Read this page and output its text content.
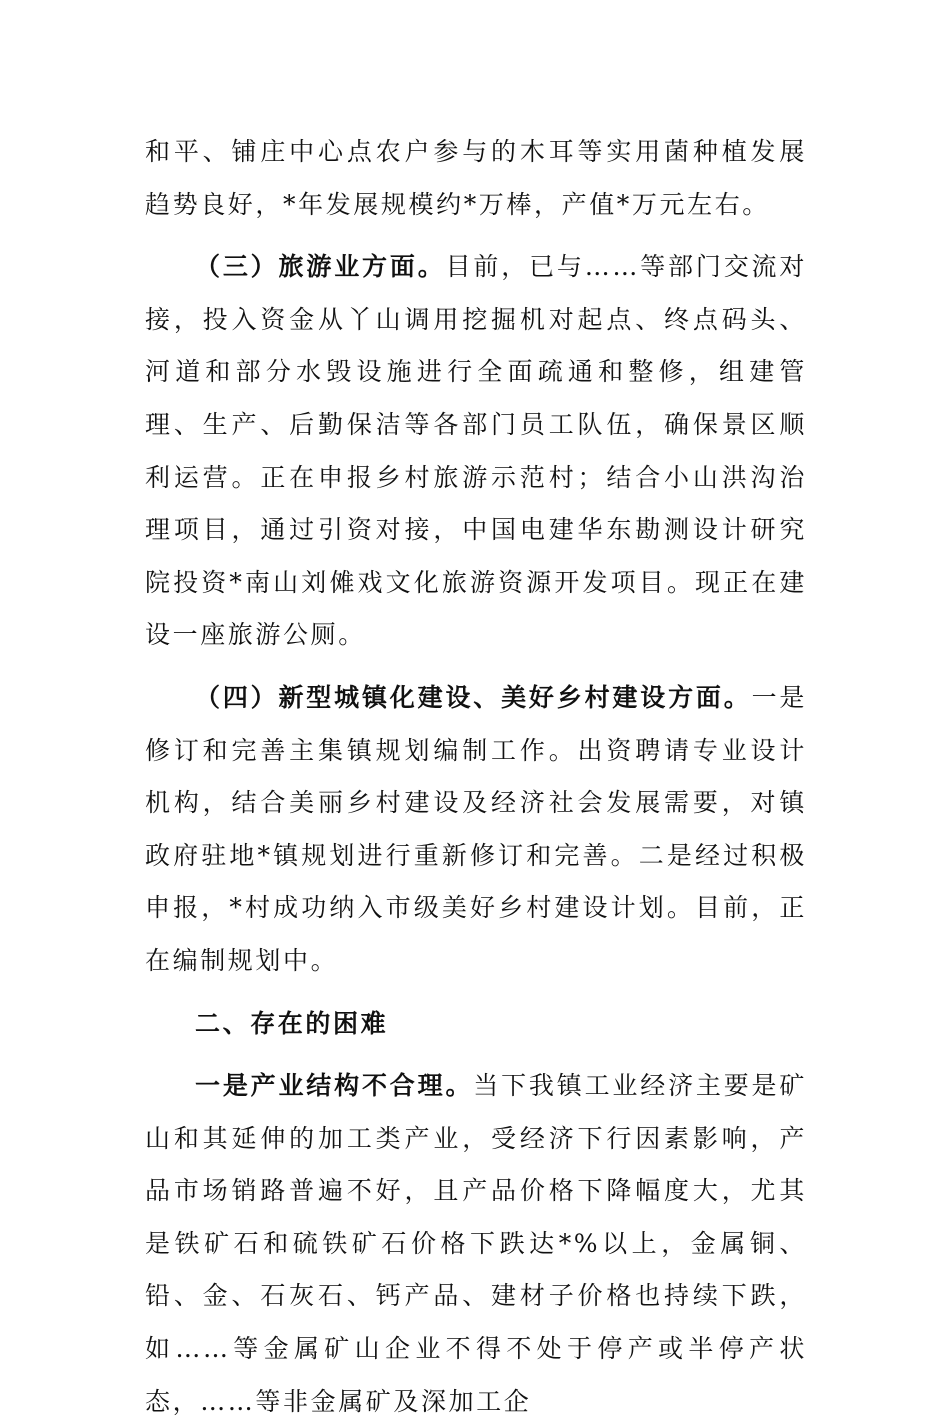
和平、铺庄中心点农户参与的木耳等实用菌种植发展趋势良好，*年发展规模约*万棒，产值*万元左右。

（三）旅游业方面。目前，已与……等部门交流对接，投入资金从丫山调用挖掘机对起点、终点码头、河道和部分水毁设施进行全面疏通和整修，组建管理、生产、后勤保洁等各部门员工队伍，确保景区顺利运营。正在申报乡村旅游示范村；结合小山洪沟治理项目，通过引资对接，中国电建华东勘测设计研究院投资*南山刘傩戏文化旅游资源开发项目。现正在建设一座旅游公厕。

（四）新型城镇化建设、美好乡村建设方面。一是修订和完善主集镇规划编制工作。出资聘请专业设计机构，结合美丽乡村建设及经济社会发展需要，对镇政府驻地*镇规划进行重新修订和完善。二是经过积极申报，*村成功纳入市级美好乡村建设计划。目前，正在编制规划中。

二、存在的困难

一是产业结构不合理。当下我镇工业经济主要是矿山和其延伸的加工类产业，受经济下行因素影响，产品市场销路普遍不好，且产品价格下降幅度大，尤其是铁矿石和硫铁矿石价格下跌达*%以上，金属铜、铅、金、石灰石、钙产品、建材子价格也持续下跌，如……等金属矿山企业不得不处于停产或半停产状态，……等非金属矿及深加工企
